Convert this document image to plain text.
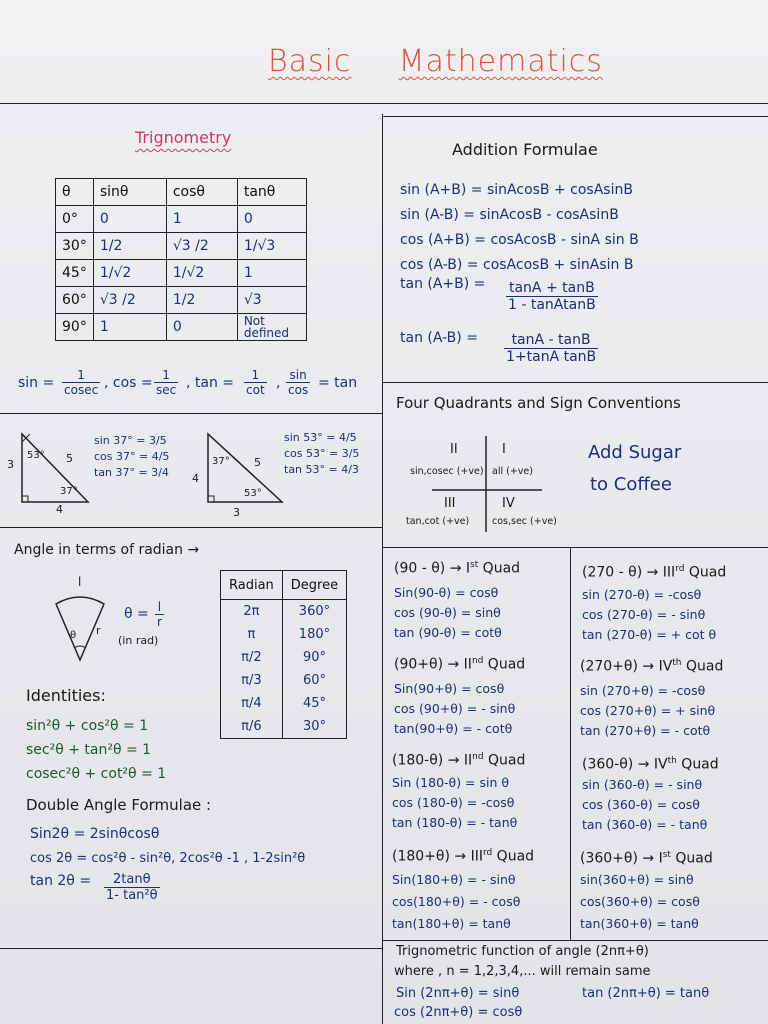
Basic Mathematics
Trignometry
θ	sinθ	cosθ	tanθ
0°	0	1	0
30°	1/2	√3 /2	1/√3
45°	1/√2	1/√2	1
60°	√3 /2	1/2	√3
90°	1	0	Not defined
$\sin = \frac{1}{cosec}$ , cos = 1
sec , $\tan = \frac{1}{\cot}$ , $\frac{\sin}{\cos} = \tan$
53°
37°
3	5
4
sin 37° = 3/5
cos 37° = 4/5
tan 37° = 3/4
37°
53°
4
5
3
sin 53° = 4/5
cos 53° = 3/5
tan 53° = 4/3
Angle in terms of radian →
l
r
θ
$\theta = \frac{l}{r}$
(in rad)
Radian	Degree
2π	360°
π	180°
π/2	90°
π/3	60°
π/4	45°
π/6	30°
Identities:
sin²θ + cos²θ = 1
sec²θ + tan²θ = 1
cosec²θ + cot²θ = 1
Double Angle Formulae :
Sin2θ = 2sinθcosθ
cos 2θ = cos²θ - sin²θ, 2cos²θ -1 , 1-2sin²θ
$\tan 2\theta = \frac{2\tan\theta}{\text{1- tan²θ}}$
Addition Formulae
sin (A+B) = sinAcosB + cosAsinB
sin (A-B) = sinAcosB - cosAsinB
cos (A+B) = cosAcosB - sinA sin B
cos (A-B) = cosAcosB + sinAsin B
$\tan (A+B) = \frac{\tan A + \tan B}{\text{1 - tanAtanB}}$
$\tan (A-B) = \frac{\tan A - \tan B}{\text{1+tanA tanB}}$
Four Quadrants and Sign Conventions
II
sin,cosec (+ve)
I
all (+ve)
III
tan,cot (+ve)
IV
cos,sec (+ve)
Add Sugar
to Coffee
(90 - θ) → Ist Quad
Sin(90-θ) = cosθ
cos (90-θ) = sinθ
tan (90-θ) = cotθ
(270 - θ) → IIIrd Quad
sin (270-θ) = -cosθ
cos (270-θ) = - sinθ
tan (270-θ) = + cot θ
(90+θ) → IInd Quad
Sin(90+θ) = cosθ
cos (90+θ) = - sinθ
tan(90+θ) = - cotθ
(270+θ) → IVth Quad
sin (270+θ) = -cosθ
cos (270+θ) = + sinθ
tan (270+θ) = - cotθ
(180-θ) → IInd Quad
Sin (180-θ) = sin θ
cos (180-θ) = -cosθ
tan (180-θ) = - tanθ
(360-θ) → IVth Quad
sin (360-θ) = - sinθ
cos (360-θ) = cosθ
tan (360-θ) = - tanθ
(180+θ) → IIIrd Quad
Sin(180+θ) = - sinθ
cos(180+θ) = - cosθ
tan(180+θ) = tanθ
(360+θ) → Ist Quad
sin(360+θ) = sinθ
cos(360+θ) = cosθ
tan(360+θ) = tanθ
Trignometric function of angle (2nπ+θ)
where , n = 1,2,3,4,... will remain same
Sin (2nπ+θ) = sinθ	tan (2nπ+θ) = tanθ
cos (2nπ+θ) = cosθ
